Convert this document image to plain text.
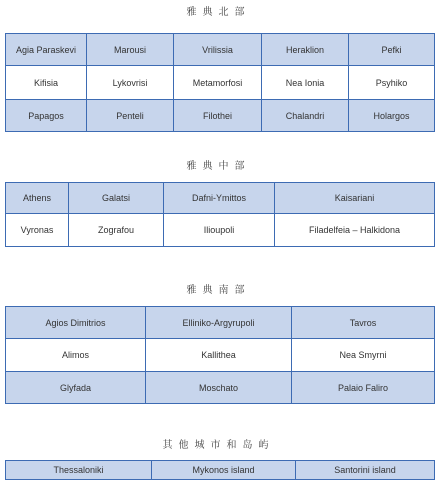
雅典北部
Agia Paraskevi	Marousi	Vrilissia	Heraklion	Pefki
Kifisia	Lykovrisi	Metamorfosi	Nea Ionia	Psyhiko
Papagos	Penteli	Filothei	Chalandri	Holargos
雅典中部
Athens	Galatsi	Dafni-Ymittos	Kaisariani
Vyronas	Zografou	Ilioupoli	Filadelfeia – Halkidona
雅典南部
Agios Dimitrios	Elliniko-Argyrupoli	Tavros
Alimos	Kallithea	Nea Smyrni
Glyfada	Moschato	Palaio Faliro
其他城市和岛屿
Thessaloniki	Mykonos island	Santorini island
